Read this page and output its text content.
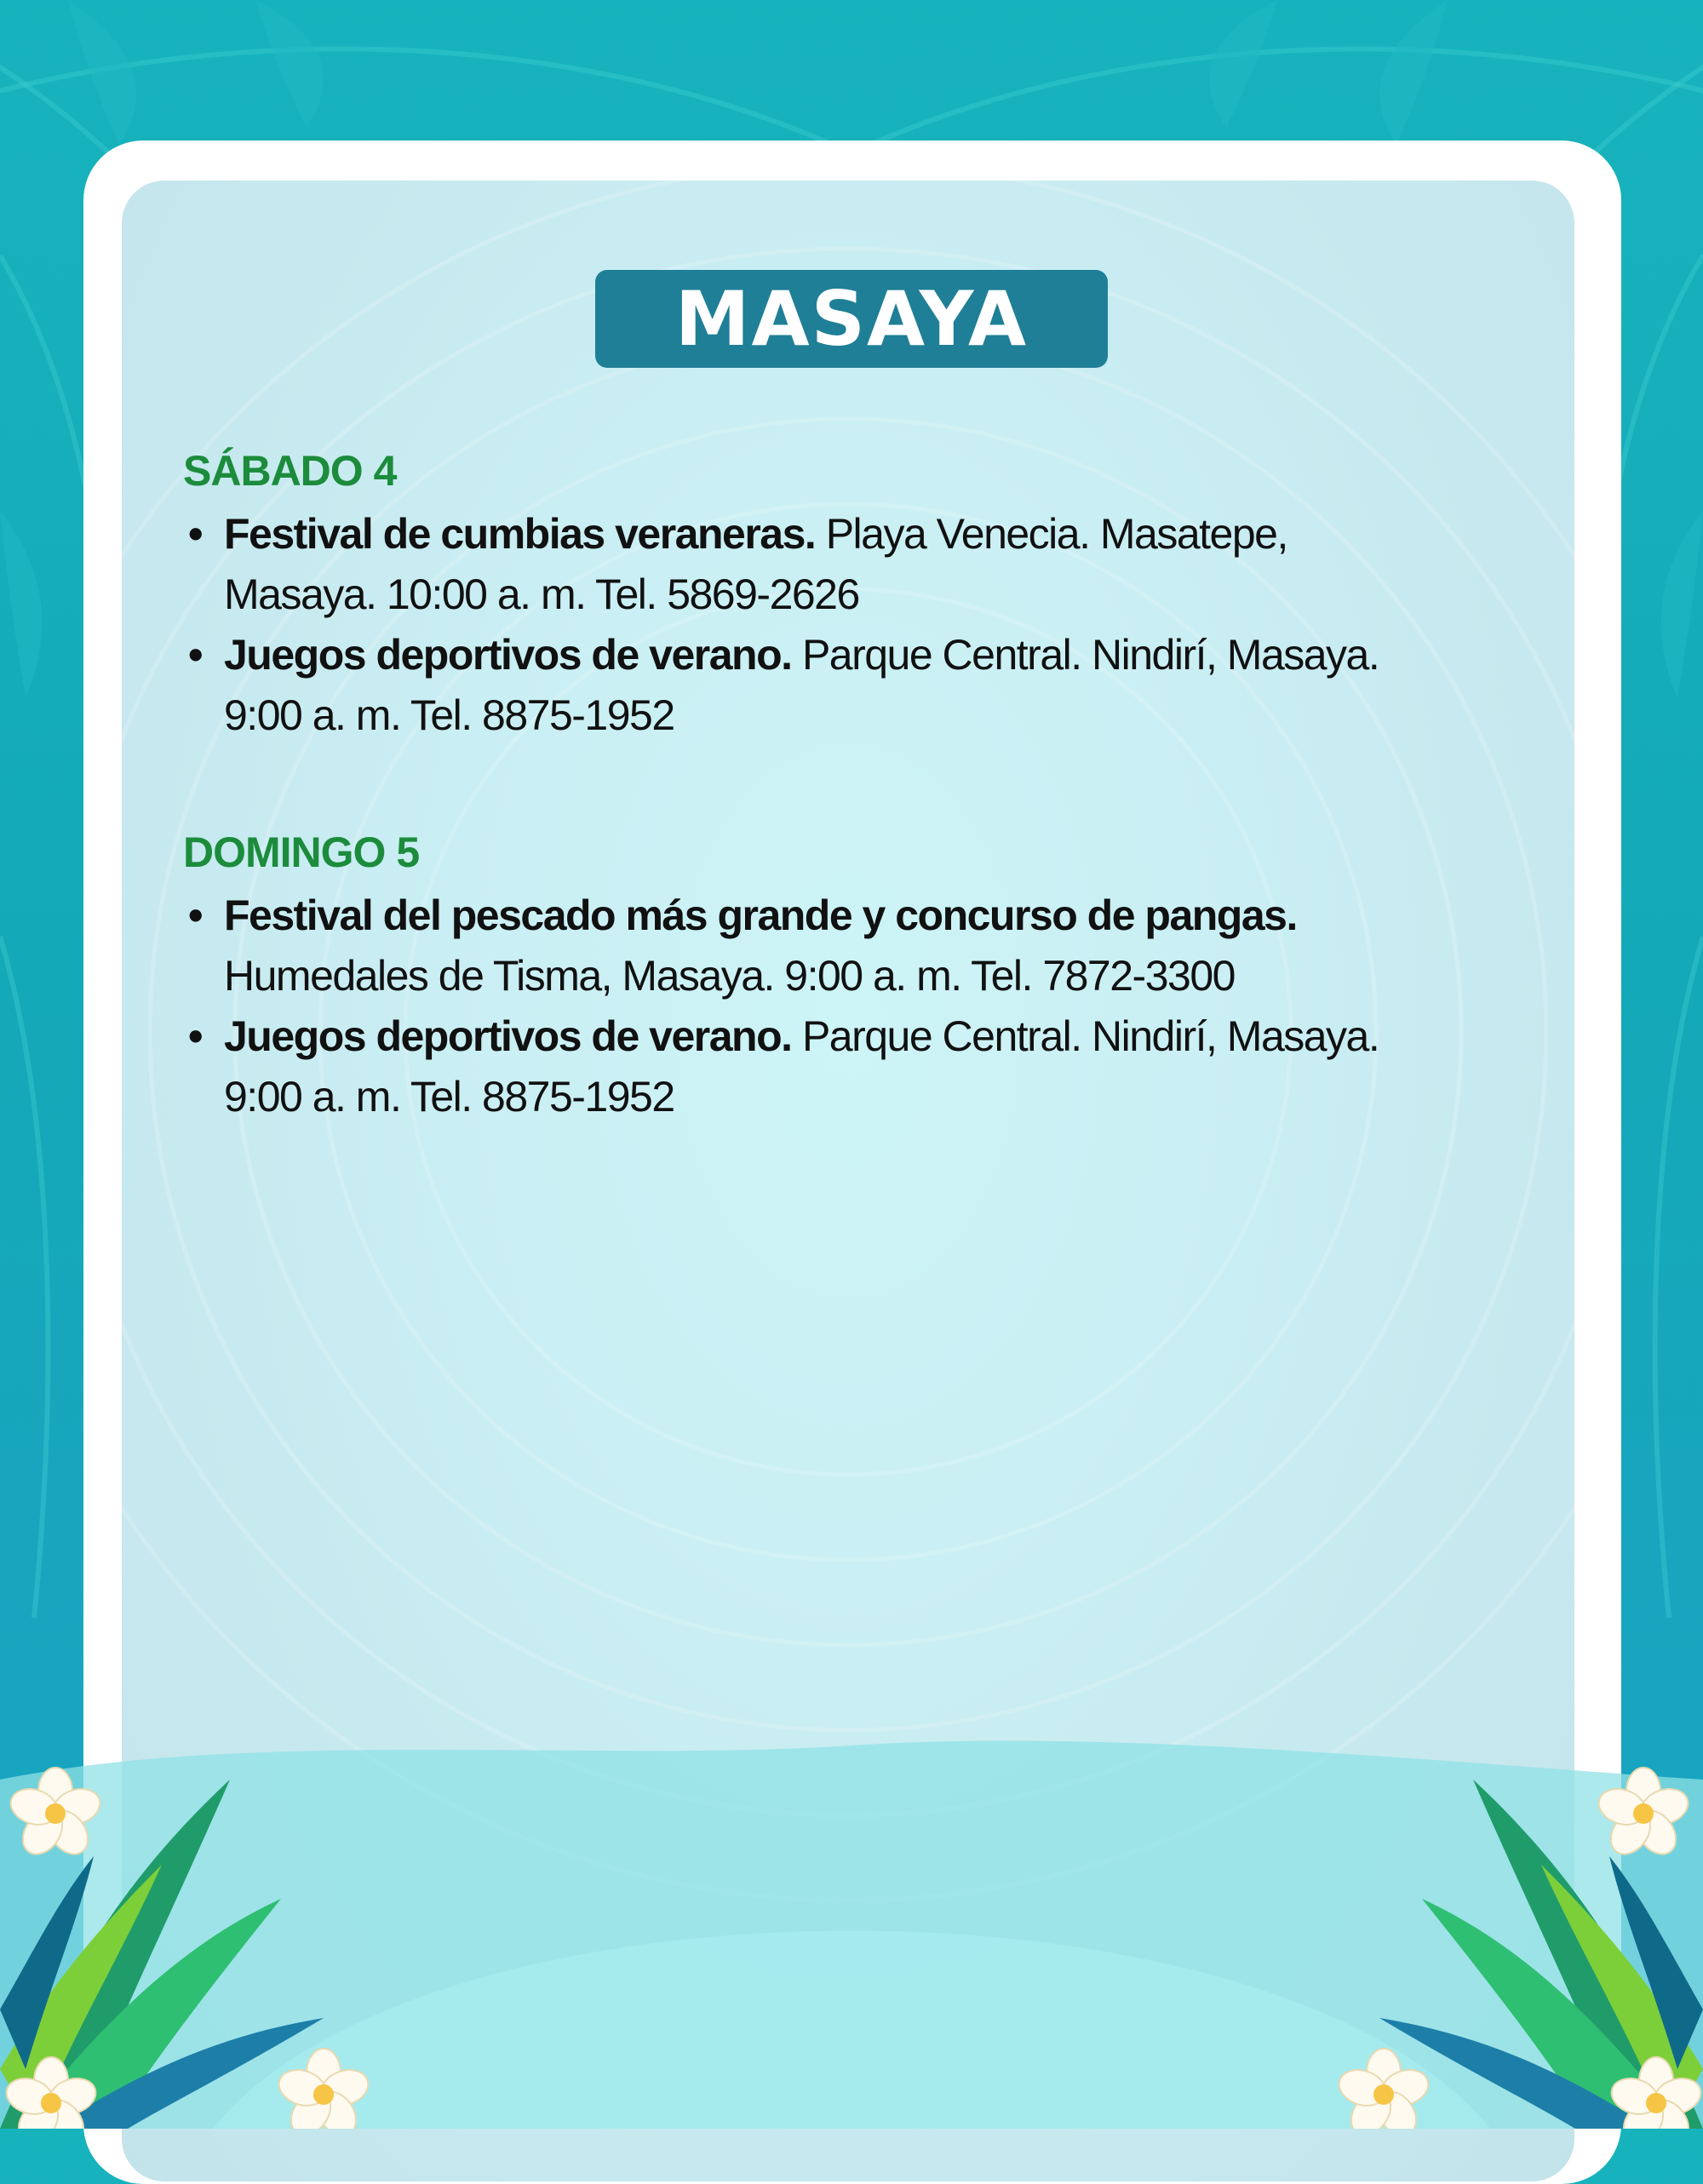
MASAYA
SÁBADO 4
• Festival de cumbias veraneras. Playa Venecia. Masatepe,
Masaya. 10:00 a. m. Tel. 5869-2626
• Juegos deportivos de verano. Parque Central. Nindirí, Masaya.
9:00 a. m. Tel. 8875-1952
DOMINGO 5
• Festival del pescado más grande y concurso de pangas.
Humedales de Tisma, Masaya. 9:00 a. m. Tel. 7872-3300
• Juegos deportivos de verano. Parque Central. Nindirí, Masaya.
9:00 a. m. Tel. 8875-1952
